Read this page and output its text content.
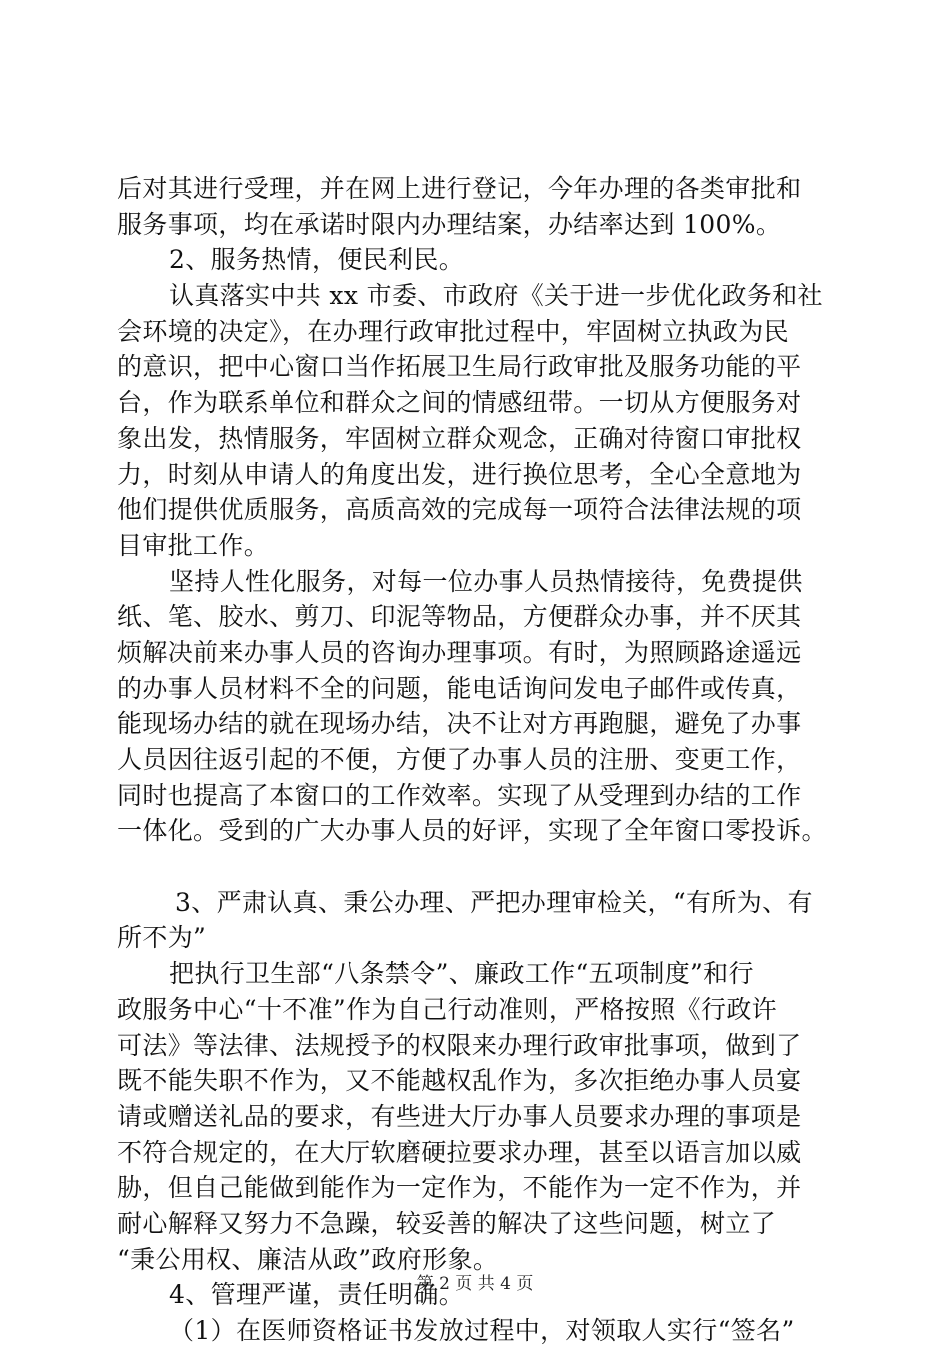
后对其进行受理，并在网上进行登记，今年办理的各类审批和
服务事项，均在承诺时限内办理结案，办结率达到 100%。
2、服务热情，便民利民。
认真落实中共 xx 市委、市政府《关于进一步优化政务和社
会环境的决定》，在办理行政审批过程中，牢固树立执政为民
的意识，把中心窗口当作拓展卫生局行政审批及服务功能的平
台，作为联系单位和群众之间的情感纽带。一切从方便服务对
象出发，热情服务，牢固树立群众观念，正确对待窗口审批权
力，时刻从申请人的角度出发，进行换位思考，全心全意地为
他们提供优质服务，高质高效的完成每一项符合法律法规的项
目审批工作。
坚持人性化服务，对每一位办事人员热情接待，免费提供
纸、笔、胶水、剪刀、印泥等物品，方便群众办事，并不厌其
烦解决前来办事人员的咨询办理事项。有时，为照顾路途遥远
的办事人员材料不全的问题，能电话询问发电子邮件或传真，
能现场办结的就在现场办结，决不让对方再跑腿，避免了办事
人员因往返引起的不便，方便了办事人员的注册、变更工作，
同时也提高了本窗口的工作效率。实现了从受理到办结的工作
一体化。受到的广大办事人员的好评，实现了全年窗口零投诉。
3、严肃认真、秉公办理、严把办理审检关，“有所为、有
所不为”
把执行卫生部“八条禁令”、廉政工作“五项制度”和行
政服务中心“十不准”作为自己行动准则，严格按照《行政许
可法》等法律、法规授予的权限来办理行政审批事项，做到了
既不能失职不作为，又不能越权乱作为，多次拒绝办事人员宴
请或赠送礼品的要求，有些进大厅办事人员要求办理的事项是
不符合规定的，在大厅软磨硬拉要求办理，甚至以语言加以威
胁，但自己能做到能作为一定作为，不能作为一定不作为，并
耐心解释又努力不急躁，较妥善的解决了这些问题，树立了
“秉公用权、廉洁从政”政府形象。
4、管理严谨，责任明确。
（1）在医师资格证书发放过程中，对领取人实行“签名”
第 2 页 共 4 页
